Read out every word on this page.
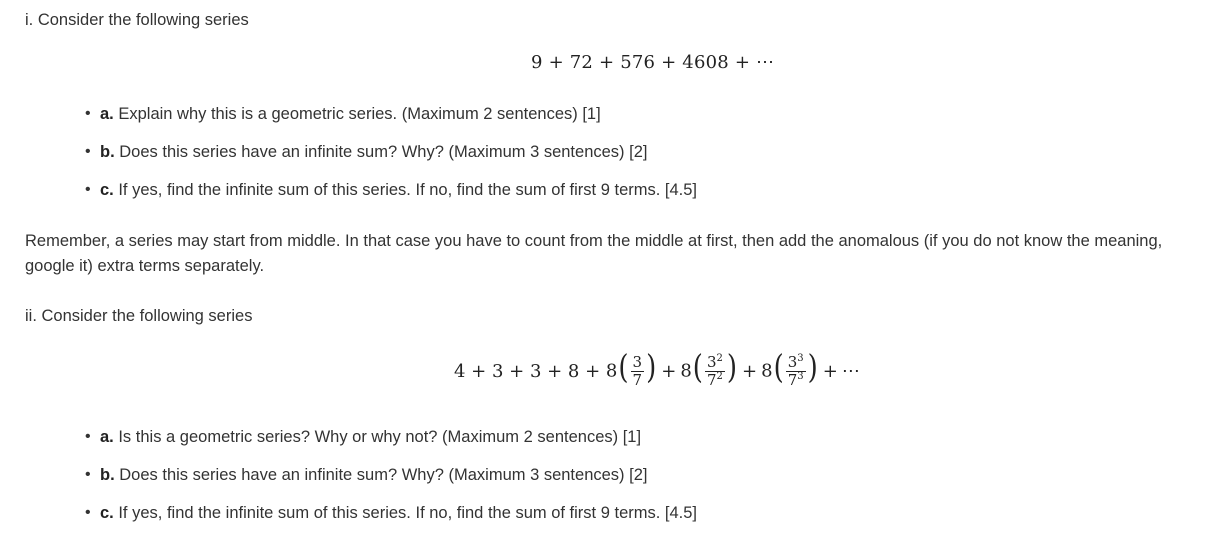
i. Consider the following series
9 + 72 + 576 + 4608 + ⋯
• a. Explain why this is a geometric series. (Maximum 2 sentences) [1]
• b. Does this series have an infinite sum? Why? (Maximum 3 sentences) [2]
• c. If yes, find the infinite sum of this series. If no, find the sum of first 9 terms. [4.5]
Remember, a series may start from middle. In that case you have to count from the middle at first, then add the anomalous (if you do not know the meaning, google it) extra terms separately.
ii. Consider the following series
$4 + 3 + 3 + 8 + 8( \frac{3}{7}$ ) + $8( \frac{3^2}{7^2}$ ) + $8( \frac{3^3}{7^3}$ ) + ⋯
• a. Is this a geometric series? Why or why not? (Maximum 2 sentences) [1]
• b. Does this series have an infinite sum? Why? (Maximum 3 sentences) [2]
• c. If yes, find the infinite sum of this series. If no, find the sum of first 9 terms. [4.5]
